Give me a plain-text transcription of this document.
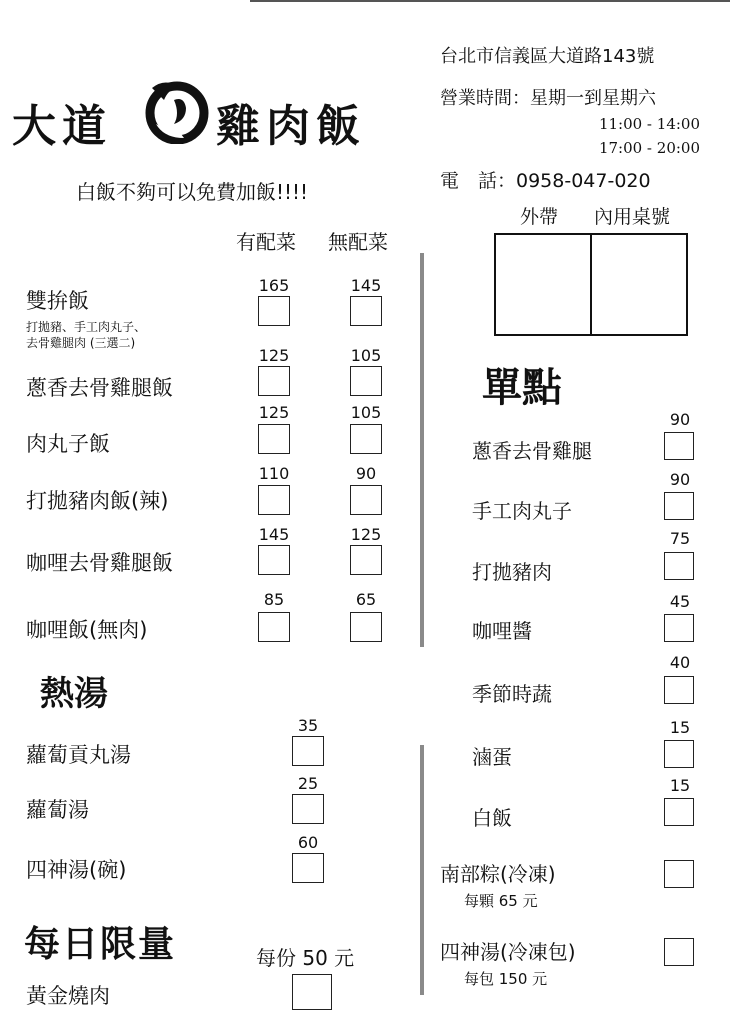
大道 雞肉飯
白飯不夠可以免費加飯!!!!
台北市信義區大道路143號
營業時間：星期一到星期六
11:00 - 14:00
17:00 - 20:00
電　話：0958-047-020
外帶 內用桌號
有配菜 無配菜
雙拚飯
打拋豬、手工肉丸子、
去骨雞腿肉 (三選二)
165	145
蔥香去骨雞腿飯
125	105
肉丸子飯
125	105
打拋豬肉飯(辣)
110	90
咖哩去骨雞腿飯
145	125
咖哩飯(無肉)
85	65
熱湯
蘿蔔貢丸湯
35
蘿蔔湯
25
四神湯(碗)
60
每日限量	每份 50 元
黃金燒肉
單點
蔥香去骨雞腿
90
手工肉丸子
90
打拋豬肉
75
咖哩醬
45
季節時蔬
40
滷蛋
15
白飯
15
南部粽(冷凍)
每顆 65 元
四神湯(冷凍包)
每包 150 元
